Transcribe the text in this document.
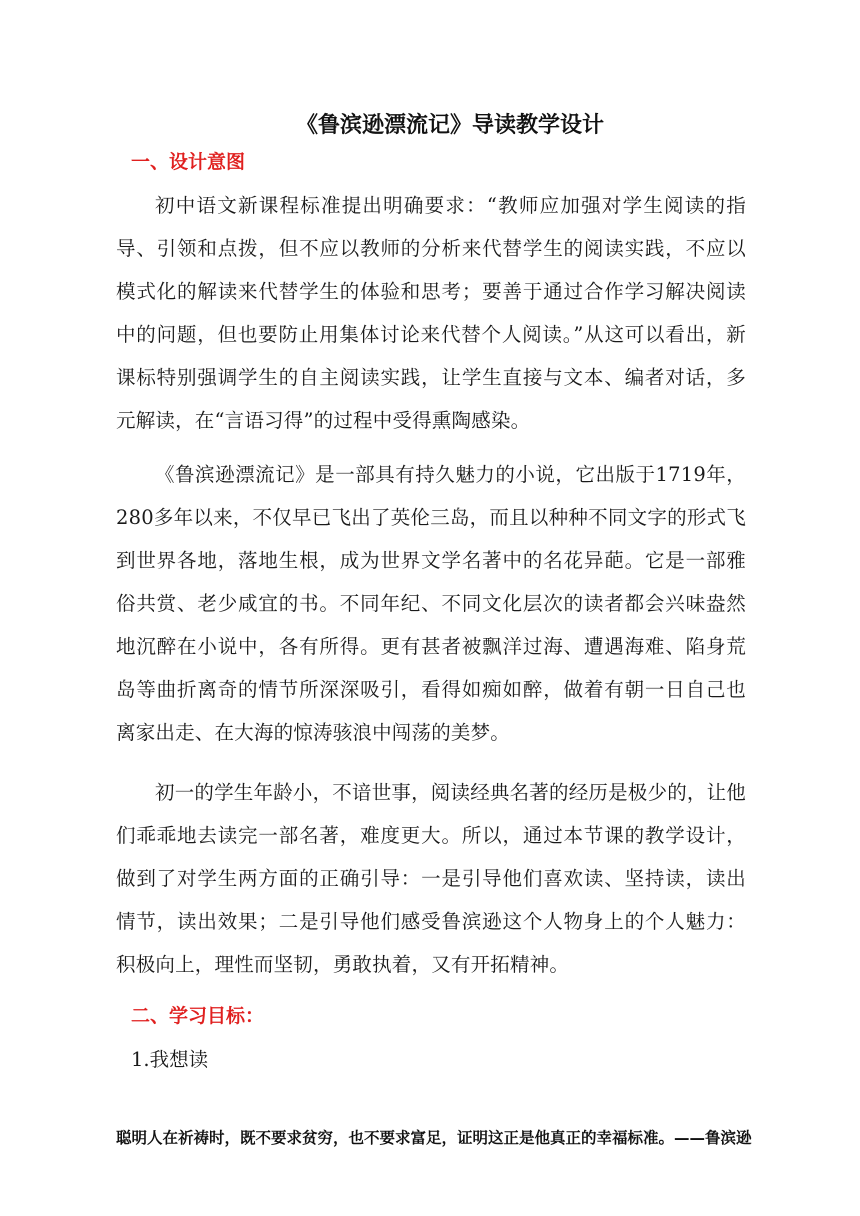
《鲁滨逊漂流记》导读教学设计
一、设计意图

初中语文新课程标准提出明确要求：“教师应加强对学生阅读的指导、引领和点拨，但不应以教师的分析来代替学生的阅读实践，不应以模式化的解读来代替学生的体验和思考；要善于通过合作学习解决阅读中的问题，但也要防止用集体讨论来代替个人阅读。”从这可以看出，新课标特别强调学生的自主阅读实践，让学生直接与文本、编者对话，多元解读，在“言语习得”的过程中受得熏陶感染。

《鲁滨逊漂流记》是一部具有持久魅力的小说，它出版于1719年，280多年以来，不仅早已飞出了英伦三岛，而且以种种不同文字的形式飞到世界各地，落地生根，成为世界文学名著中的名花异葩。它是一部雅俗共赏、老少咸宜的书。不同年纪、不同文化层次的读者都会兴味盎然地沉醉在小说中，各有所得。更有甚者被飘洋过海、遭遇海难、陷身荒岛等曲折离奇的情节所深深吸引，看得如痴如醉，做着有朝一日自己也离家出走、在大海的惊涛骇浪中闯荡的美梦。

初一的学生年龄小，不谙世事，阅读经典名著的经历是极少的，让他们乖乖地去读完一部名著，难度更大。所以，通过本节课的教学设计，做到了对学生两方面的正确引导：一是引导他们喜欢读、坚持读，读出情节，读出效果；二是引导他们感受鲁滨逊这个人物身上的个人魅力：积极向上，理性而坚韧，勇敢执着，又有开拓精神。

二、学习目标：
1.我想读
聪明人在祈祷时，既不要求贫穷，也不要求富足，证明这正是他真正的幸福标准。——鲁滨逊
